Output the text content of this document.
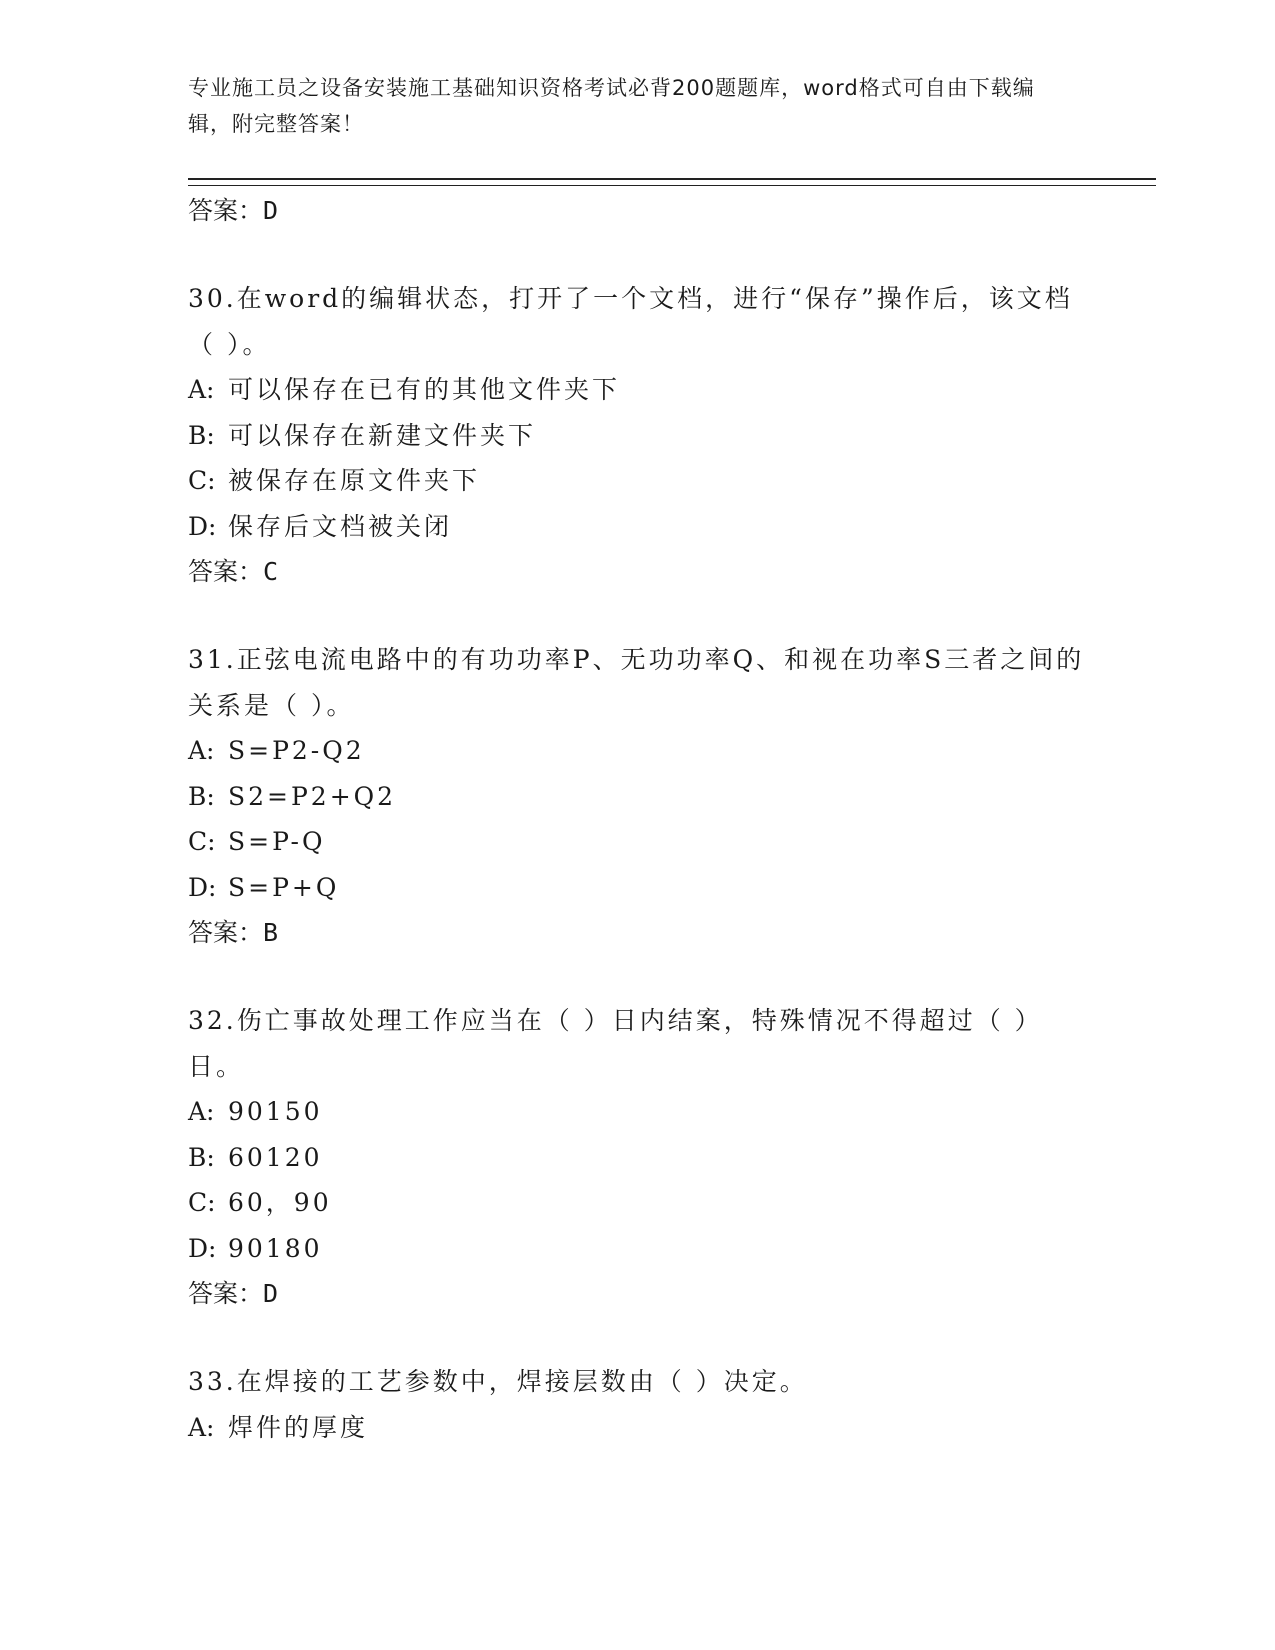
专业施工员之设备安装施工基础知识资格考试必背200题题库，word格式可自由下载编辑，附完整答案！
答案：D
30.在word的编辑状态，打开了一个文档，进行“保存”操作后，该文档（ ）。
A: 可以保存在已有的其他文件夹下
B: 可以保存在新建文件夹下
C: 被保存在原文件夹下
D: 保存后文档被关闭
答案：C
31.正弦电流电路中的有功功率P、无功功率Q、和视在功率S三者之间的关系是（ ）。
A: S=P2-Q2
B: S2=P2+Q2
C: S=P-Q
D: S=P+Q
答案：B
32.伤亡事故处理工作应当在（ ）日内结案，特殊情况不得超过（ ）日。
A: 90150
B: 60120
C: 60，90
D: 90180
答案：D
33.在焊接的工艺参数中，焊接层数由（ ）决定。
A: 焊件的厚度
